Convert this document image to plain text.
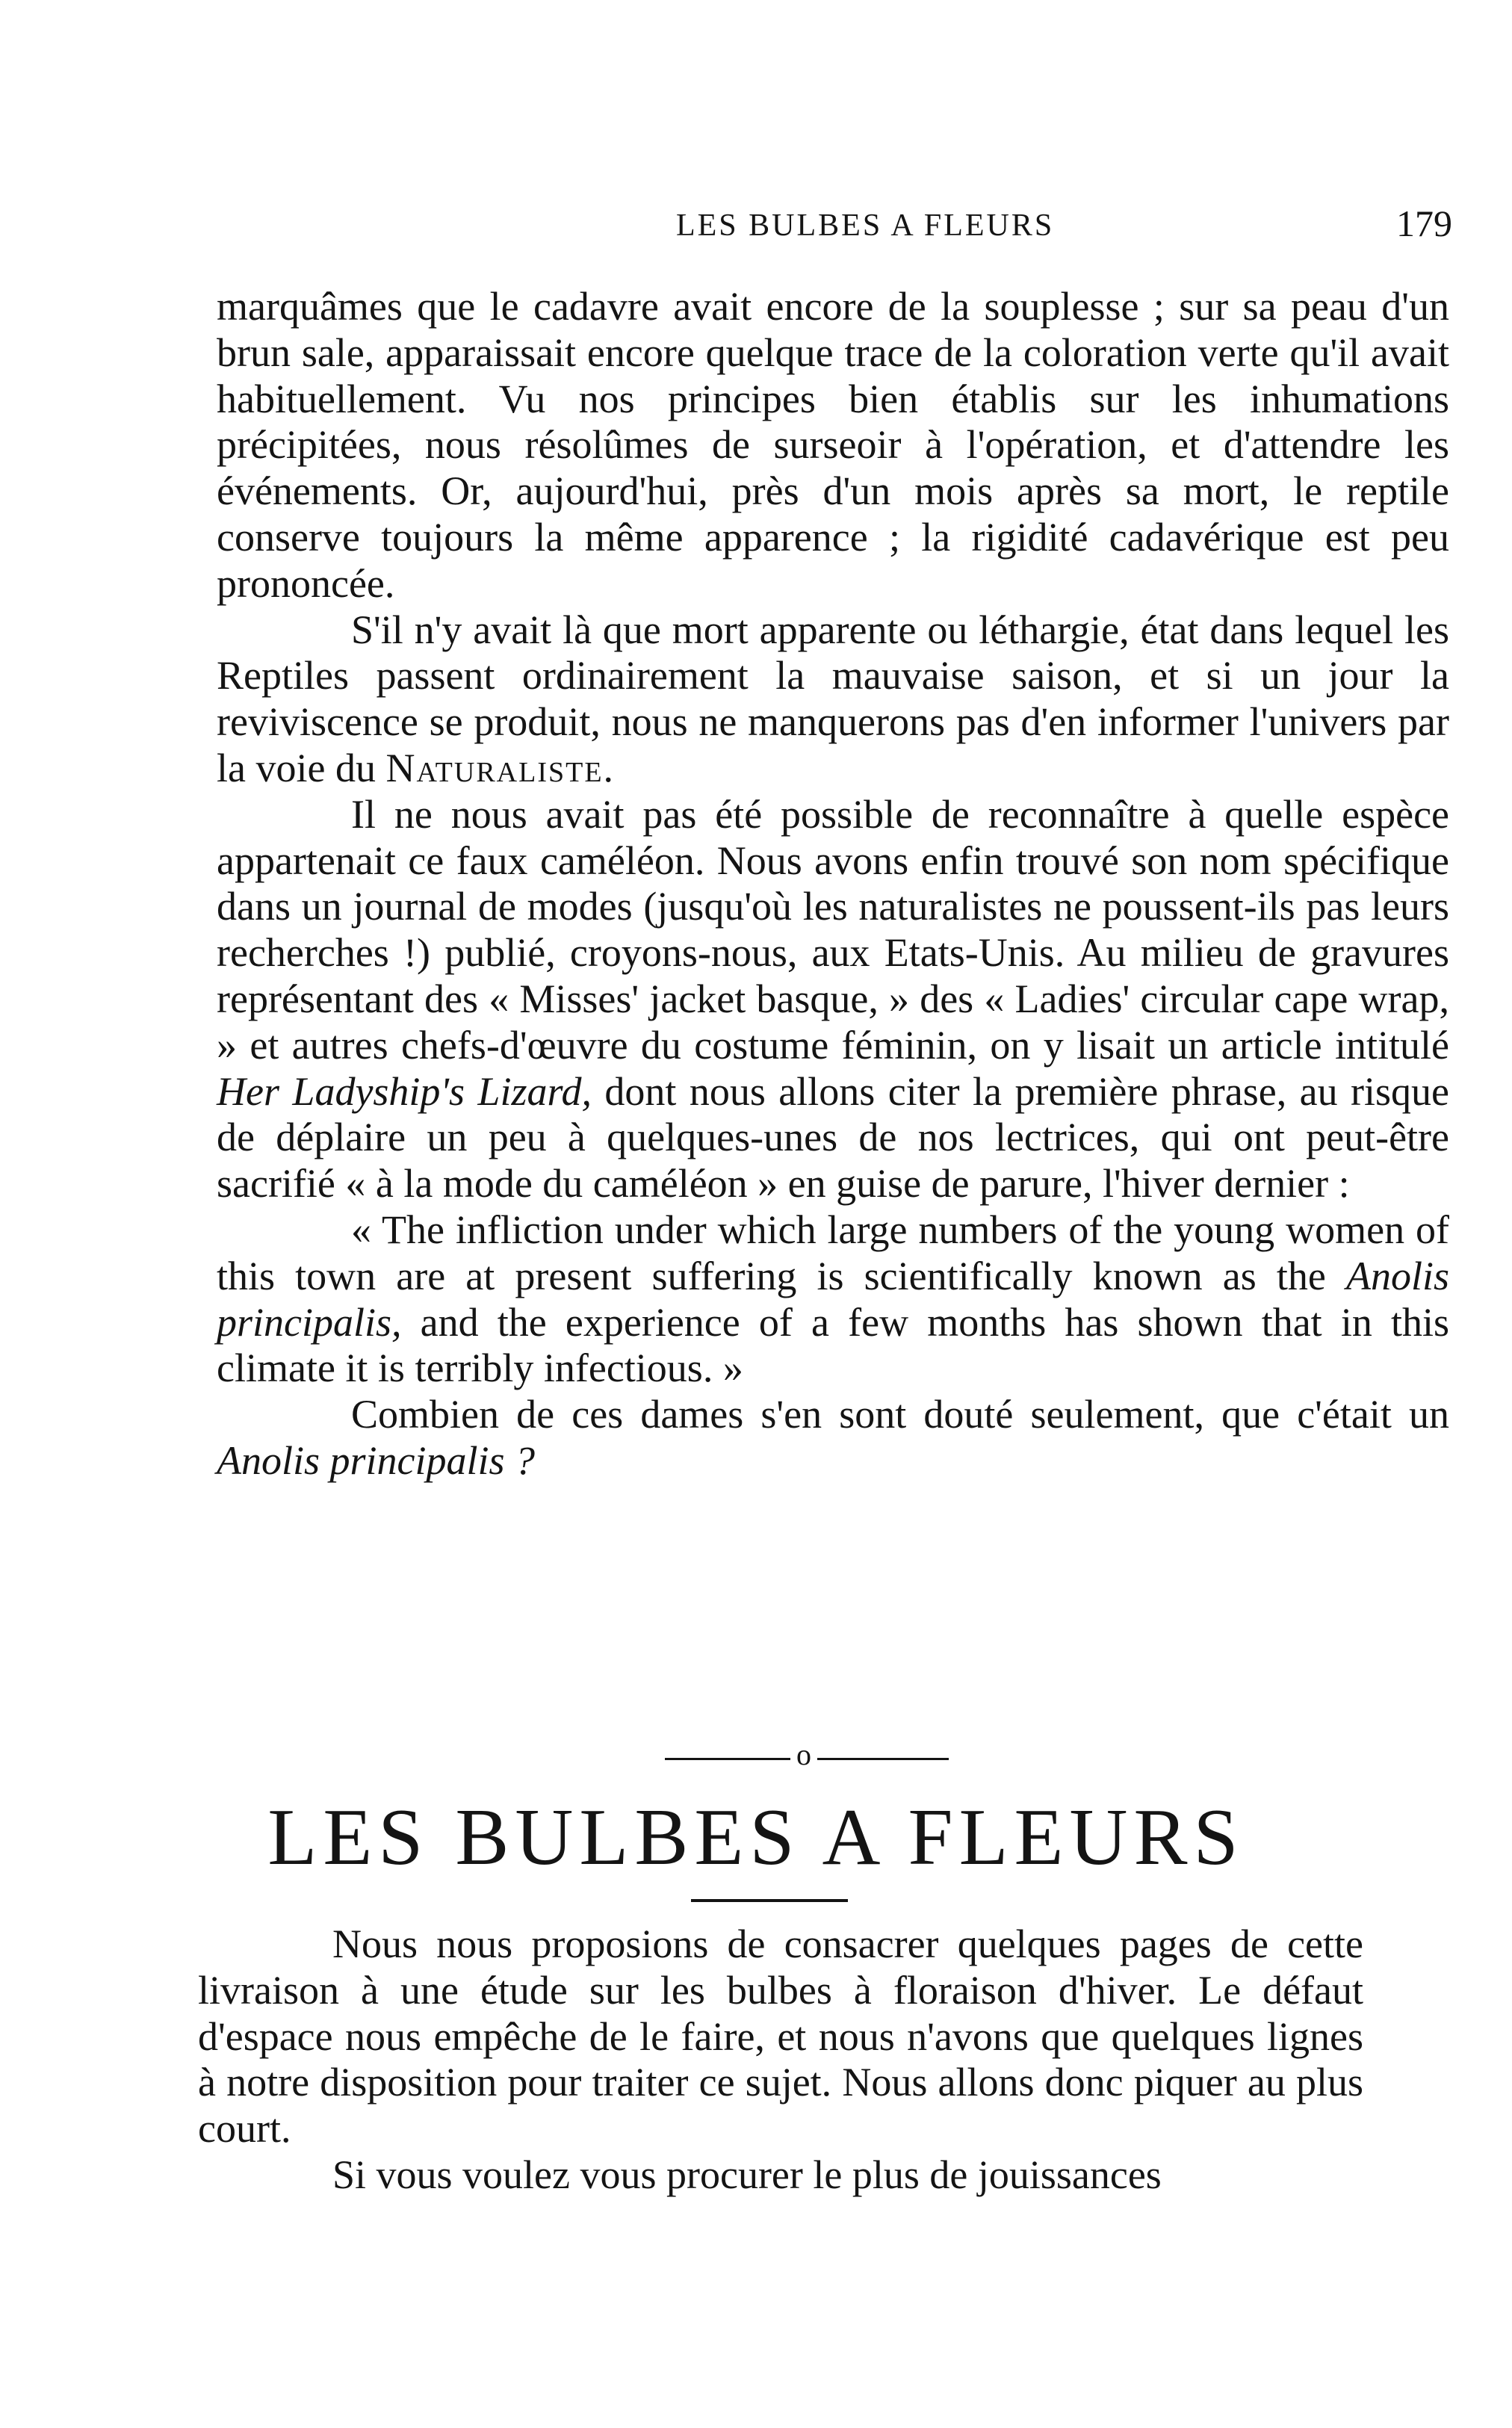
LES BULBES A FLEURS	179

marquâmes que le cadavre avait encore de la souplesse ; sur sa peau d'un brun sale, apparaissait encore quelque trace de la coloration verte qu'il avait habituellement. Vu nos principes bien établis sur les inhumations précipitées, nous résolûmes de surseoir à l'opération, et d'attendre les événements. Or, aujourd'hui, près d'un mois après sa mort, le reptile conserve toujours la même apparence ; la rigidité cadavérique est peu prononcée.

S'il n'y avait là que mort apparente ou léthargie, état dans lequel les Reptiles passent ordinairement la mauvaise saison, et si un jour la reviviscence se produit, nous ne manquerons pas d'en informer l'univers par la voie du Naturaliste.

Il ne nous avait pas été possible de reconnaître à quelle espèce appartenait ce faux caméléon. Nous avons enfin trouvé son nom spécifique dans un journal de modes (jusqu'où les naturalistes ne poussent-ils pas leurs recherches !) publié, croyons-nous, aux Etats-Unis. Au milieu de gravures représentant des « Misses' jacket basque, » des « Ladies' circular cape wrap, » et autres chefs-d'œuvre du costume féminin, on y lisait un article intitulé Her Ladyship's Lizard, dont nous allons citer la première phrase, au risque de déplaire un peu à quelques-unes de nos lectrices, qui ont peut-être sacrifié « à la mode du caméléon » en guise de parure, l'hiver dernier :

« The infliction under which large numbers of the young women of this town are at present suffering is scientifically known as the Anolis principalis, and the experience of a few months has shown that in this climate it is terribly infectious. »

Combien de ces dames s'en sont douté seulement, que c'était un Anolis principalis ?

o
LES BULBES A FLEURS

Nous nous proposions de consacrer quelques pages de cette livraison à une étude sur les bulbes à floraison d'hiver. Le défaut d'espace nous empêche de le faire, et nous n'avons que quelques lignes à notre disposition pour traiter ce sujet. Nous allons donc piquer au plus court.

Si vous voulez vous procurer le plus de jouissances
